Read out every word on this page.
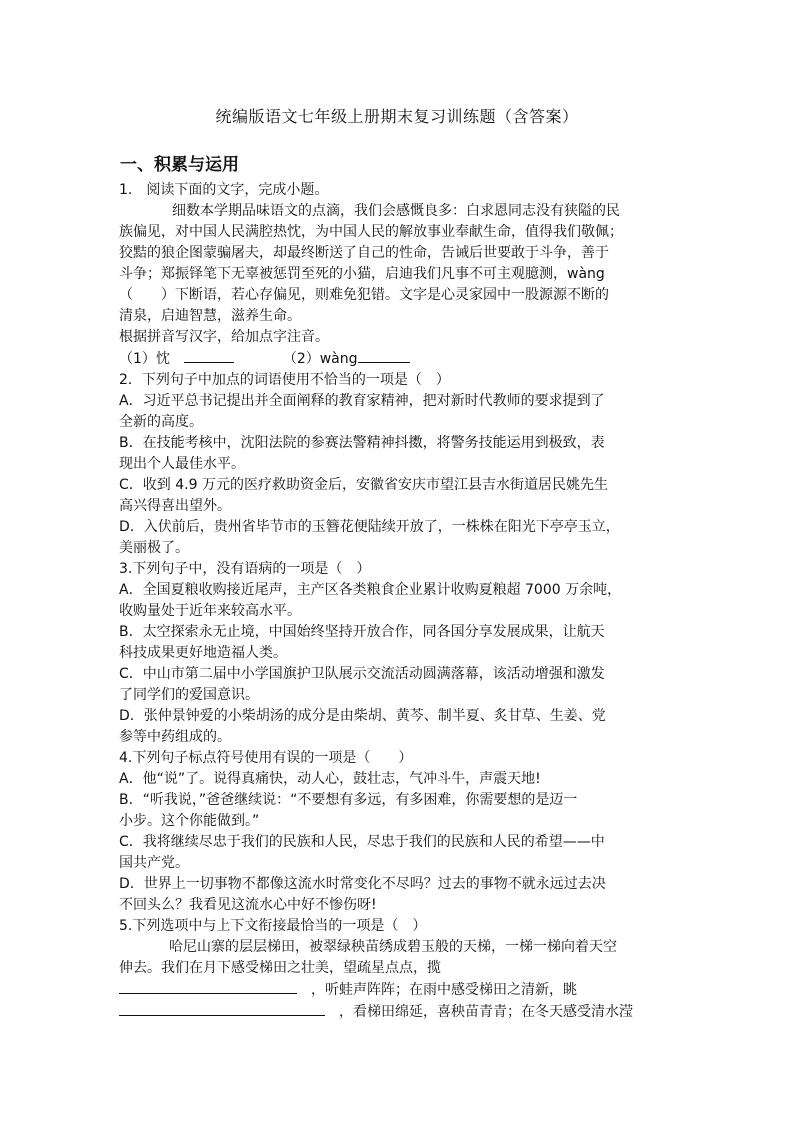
统编版语文七年级上册期末复习训练题（含答案）
一、积累与运用

1.　阅读下面的文字，完成小题。

细数本学期品味语文的点滴，我们会感慨良多：白求恩同志没有狭隘的民

族偏见，对中国人民满腔热忱，为中国人民的解放事业奉献生命，值得我们敬佩；

狡黠的狼企图蒙骗屠夫，却最终断送了自己的性命，告诫后世要敢于斗争，善于

斗争；郑振铎笔下无辜被惩罚至死的小猫，启迪我们凡事不可主观臆测，wàng

（　　）下断语，若心存偏见，则难免犯错。文字是心灵家园中一股源源不断的

清泉，启迪智慧，滋养生命。

根据拼音写汉字，给加点字注音。

（1）忱	（2）wàng

2．下列句子中加点的词语使用不恰当的一项是（　）

A．习近平总书记提出并全面阐释的教育家精神，把对新时代教师的要求提到了

全新的高度。

B．在技能考核中，沈阳法院的参赛法警精神抖擞，将警务技能运用到极致，表

现出个人最佳水平。

C．收到 4.9 万元的医疗救助资金后，安徽省安庆市望江县吉水街道居民姚先生

高兴得喜出望外。

D．入伏前后，贵州省毕节市的玉簪花便陆续开放了，一株株在阳光下亭亭玉立，

美丽极了。

3.下列句子中，没有语病的一项是（　）

A．全国夏粮收购接近尾声，主产区各类粮食企业累计收购夏粮超 7000 万余吨，

收购量处于近年来较高水平。

B．太空探索永无止境，中国始终坚持开放合作，同各国分享发展成果，让航天

科技成果更好地造福人类。

C．中山市第二届中小学国旗护卫队展示交流活动圆满落幕，该活动增强和激发

了同学们的爱国意识。

D．张仲景钟爱的小柴胡汤的成分是由柴胡、黄芩、制半夏、炙甘草、生姜、党

参等中药组成的。

4.下列句子标点符号使用有误的一项是（　　）

A．他“说”了。说得真痛快，动人心，鼓壮志，气冲斗牛，声震天地!

B．“听我说，”爸爸继续说：“不要想有多远，有多困难，你需要想的是迈一

小步。这个你能做到。”

C．我将继续尽忠于我们的民族和人民，尽忠于我们的民族和人民的希望——中

国共产党。

D．世界上一切事物不都像这流水时常变化不尽吗？过去的事物不就永远过去决

不回头么？我看见这流水心中好不惨伤呀!

5.下列选项中与上下文衔接最恰当的一项是（　）

哈尼山寨的层层梯田，被翠绿秧苗绣成碧玉般的天梯，一梯一梯向着天空

伸去。我们在月下感受梯田之壮美，望疏星点点，揽

，听蛙声阵阵；在雨中感受梯田之清新，眺

，看梯田绵延，喜秧苗青青；在冬天感受清水滢
